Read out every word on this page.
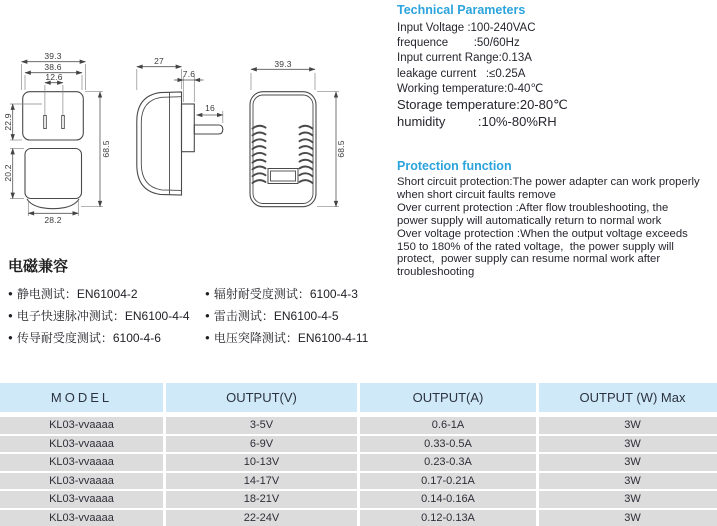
39.3
38.6
12.6
22.9
20.2
68.5
28.2
27
7.6
16
39.3
68.5
Technical Parameters
Input Voltage :100-240VAC
frequence        :50/60Hz
Input current Range:0.13A
leakage current   :≤0.25A
Working temperature:0-40℃
Storage temperature:20-80℃
humidity         :10%-80%RH
Protection function
Short circuit protection:The power adapter can work properly
when short circuit faults remove
Over current protection :After flow troubleshooting, the
power supply will automatically return to normal work
Over voltage protection :When the output voltage exceeds
150 to 180% of the rated voltage,  the power supply will
protect,  power supply can resume normal work after
troubleshooting
电磁兼容
● 静电测试：EN61004-2
● 电子快速脉冲测试：EN6100-4-4
● 传导耐受度测试：6100-4-6
● 辐射耐受度测试：6100-4-3
● 雷击测试：EN6100-4-5
● 电压突降测试：EN6100-4-11
MODEL	OUTPUT(V)	OUTPUT(A)	OUTPUT (W) Max
KL03-vvaaaa	3-5V	0.6-1A	3W
KL03-vvaaaa	6-9V	0.33-0.5A	3W
KL03-vvaaaa	10-13V	0.23-0.3A	3W
KL03-vvaaaa	14-17V	0.17-0.21A	3W
KL03-vvaaaa	18-21V	0.14-0.16A	3W
KL03-vvaaaa	22-24V	0.12-0.13A	3W
